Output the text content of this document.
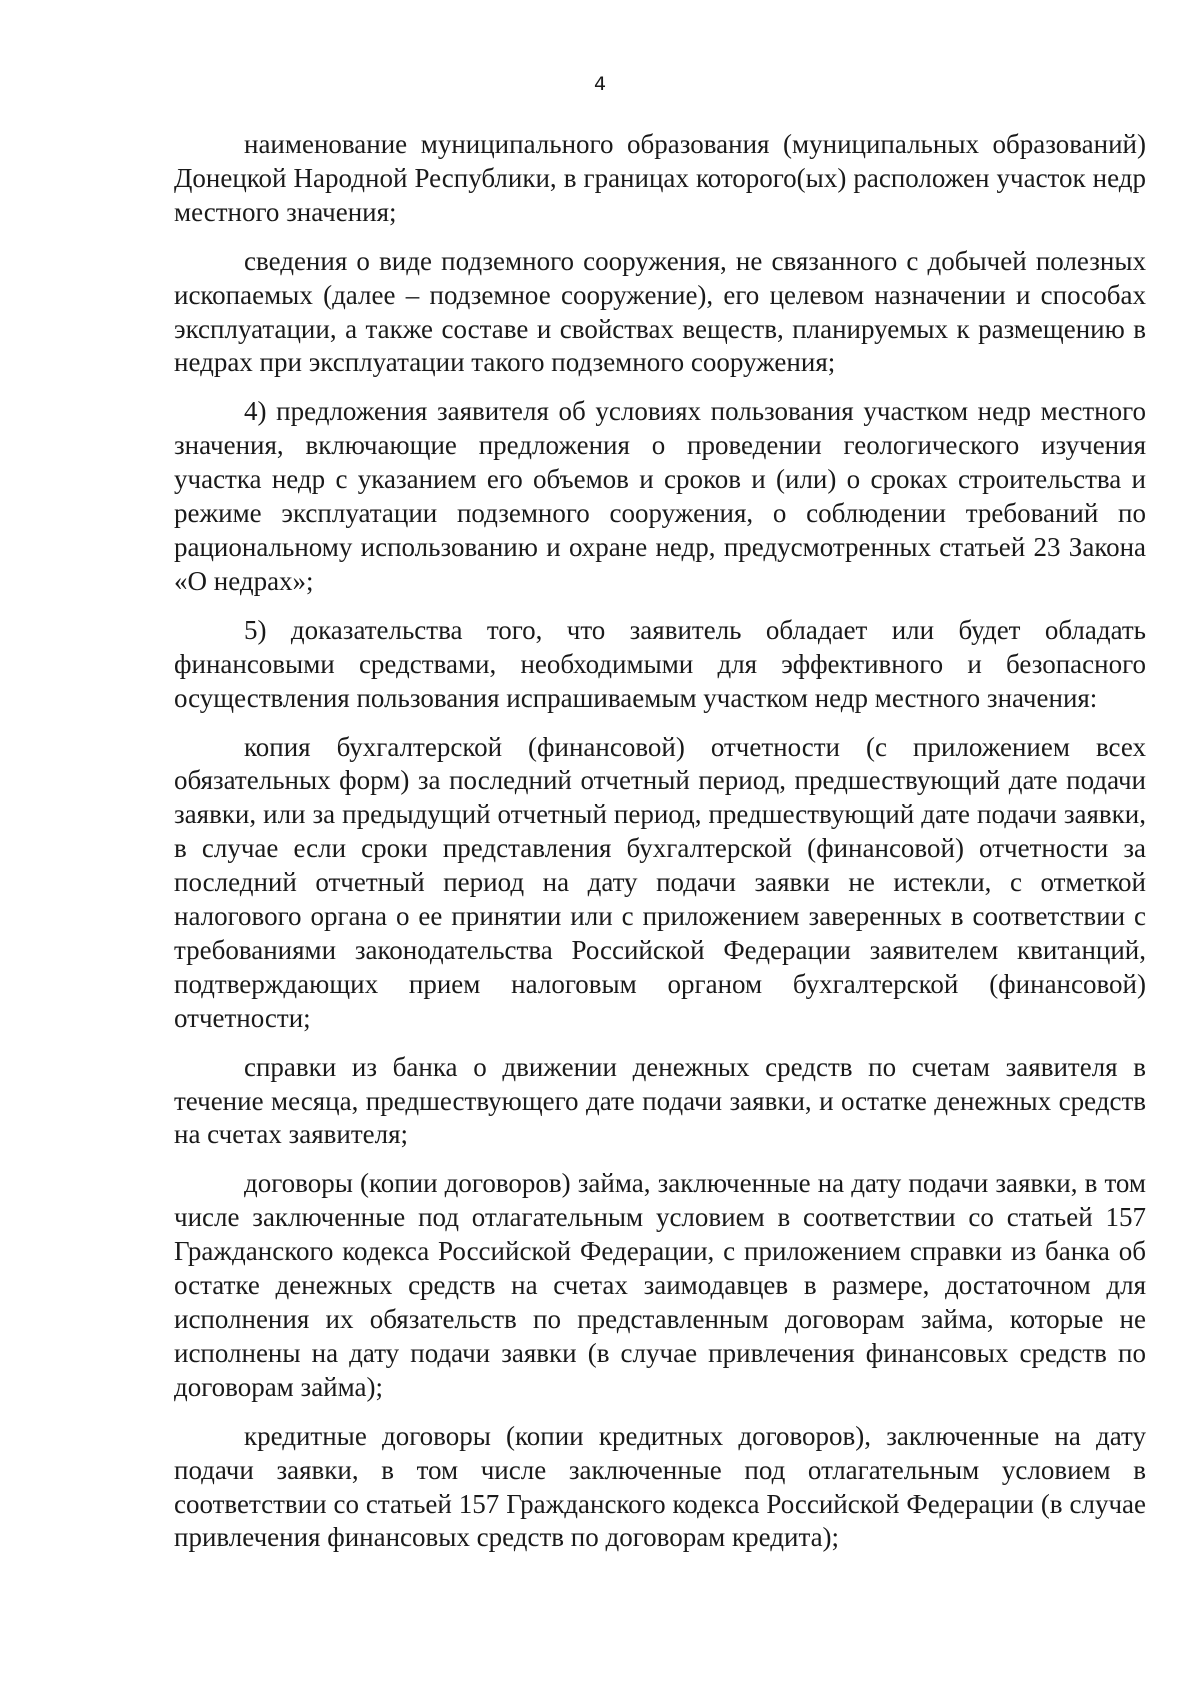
4

наименование муниципального образования (муниципальных образований) Донецкой Народной Республики, в границах которого(ых) расположен участок недр местного значения;

сведения о виде подземного сооружения, не связанного с добычей полезных ископаемых (далее – подземное сооружение), его целевом назначении и способах эксплуатации, а также составе и свойствах веществ, планируемых к размещению в недрах при эксплуатации такого подземного сооружения;

4) предложения заявителя об условиях пользования участком недр местного значения, включающие предложения о проведении геологического изучения участка недр с указанием его объемов и сроков и (или) о сроках строительства и режиме эксплуатации подземного сооружения, о соблюдении требований по рациональному использованию и охране недр, предусмотренных статьей 23 Закона «О недрах»;

5) доказательства того, что заявитель обладает или будет обладать финансовыми средствами, необходимыми для эффективного и безопасного осуществления пользования испрашиваемым участком недр местного значения:

копия бухгалтерской (финансовой) отчетности (с приложением всех обязательных форм) за последний отчетный период, предшествующий дате подачи заявки, или за предыдущий отчетный период, предшествующий дате подачи заявки, в случае если сроки представления бухгалтерской (финансовой) отчетности за последний отчетный период на дату подачи заявки не истекли, с отметкой налогового органа о ее принятии или с приложением заверенных в соответствии с требованиями законодательства Российской Федерации заявителем квитанций, подтверждающих прием налоговым органом бухгалтерской (финансовой) отчетности;

справки из банка о движении денежных средств по счетам заявителя в течение месяца, предшествующего дате подачи заявки, и остатке денежных средств на счетах заявителя;

договоры (копии договоров) займа, заключенные на дату подачи заявки, в том числе заключенные под отлагательным условием в соответствии со статьей 157 Гражданского кодекса Российской Федерации, с приложением справки из банка об остатке денежных средств на счетах заимодавцев в размере, достаточном для исполнения их обязательств по представленным договорам займа, которые не исполнены на дату подачи заявки (в случае привлечения финансовых средств по договорам займа);

кредитные договоры (копии кредитных договоров), заключенные на дату подачи заявки, в том числе заключенные под отлагательным условием в соответствии со статьей 157 Гражданского кодекса Российской Федерации (в случае привлечения финансовых средств по договорам кредита);
